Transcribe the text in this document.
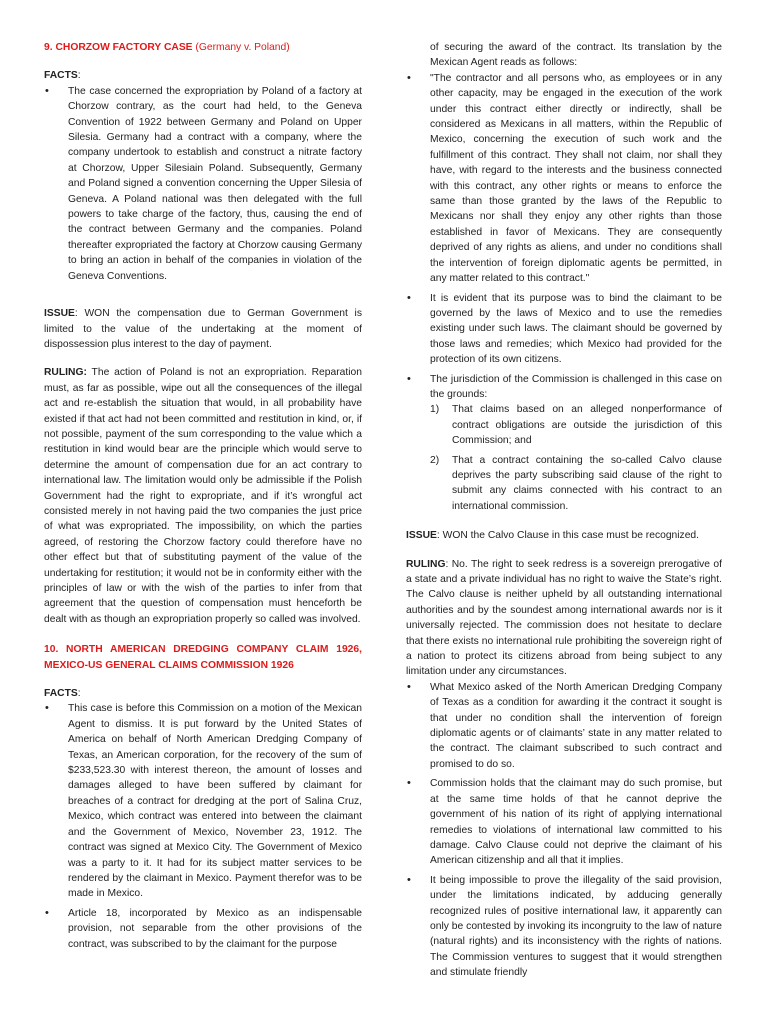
9. CHORZOW FACTORY CASE (Germany v. Poland)

FACTS:

• The case concerned the expropriation by Poland of a factory at Chorzow contrary, as the court had held, to the Geneva Convention of 1922 between Germany and Poland on Upper Silesia. Germany had a contract with a company, where the company undertook to establish and construct a nitrate factory at Chorzow, Upper Silesiain Poland. Subsequently, Germany and Poland signed a convention concerning the Upper Silesia of Geneva. A Poland national was then delegated with the full powers to take charge of the factory, thus, causing the end of the contract between Germany and the companies. Poland thereafter expropriated the factory at Chorzow causing Germany to bring an action in behalf of the companies in violation of the Geneva Conventions.

ISSUE: WON the compensation due to German Government is limited to the value of the undertaking at the moment of dispossession plus interest to the day of payment.

RULING: The action of Poland is not an expropriation. Reparation must, as far as possible, wipe out all the consequences of the illegal act and re-establish the situation that would, in all probability have existed if that act had not been committed and restitution in kind, or, if not possible, payment of the sum corresponding to the value which a restitution in kind would bear are the principle which would serve to determine the amount of compensation due for an act contrary to international law. The limitation would only be admissible if the Polish Government had the right to expropriate, and if it’s wrongful act consisted merely in not having paid the two companies the just price of what was expropriated. The impossibility, on which the parties agreed, of restoring the Chorzow factory could therefore have no other effect but that of substituting payment of the value of the undertaking for restitution; it would not be in conformity either with the principles of law or with the wish of the parties to infer from that agreement that the question of compensation must henceforth be dealt with as though an expropriation properly so called was involved.

10. NORTH AMERICAN DREDGING COMPANY CLAIM 1926, MEXICO-US GENERAL CLAIMS COMMISSION 1926

FACTS:

• This case is before this Commission on a motion of the Mexican Agent to dismiss. It is put forward by the United States of America on behalf of North American Dredging Company of Texas, an American corporation, for the recovery of the sum of $233,523.30 with interest thereon, the amount of losses and damages alleged to have been suffered by claimant for breaches of a contract for dredging at the port of Salina Cruz, Mexico, which contract was entered into between the claimant and the Government of Mexico, November 23, 1912. The contract was signed at Mexico City. The Government of Mexico was a party to it. It had for its subject matter services to be rendered by the claimant in Mexico. Payment therefor was to be made in Mexico.
• Article 18, incorporated by Mexico as an indispensable provision, not separable from the other provisions of the contract, was subscribed to by the claimant for the purpose

of securing the award of the contract. Its translation by the Mexican Agent reads as follows:

• "The contractor and all persons who, as employees or in any other capacity, may be engaged in the execution of the work under this contract either directly or indirectly, shall be considered as Mexicans in all matters, within the Republic of Mexico, concerning the execution of such work and the fulfillment of this contract. They shall not claim, nor shall they have, with regard to the interests and the business connected with this contract, any other rights or means to enforce the same than those granted by the laws of the Republic to Mexicans nor shall they enjoy any other rights than those established in favor of Mexicans. They are consequently deprived of any rights as aliens, and under no conditions shall the intervention of foreign diplomatic agents be permitted, in any matter related to this contract."
• It is evident that its purpose was to bind the claimant to be governed by the laws of Mexico and to use the remedies existing under such laws. The claimant should be governed by those laws and remedies; which Mexico had provided for the protection of its own citizens.
• The jurisdiction of the Commission is challenged in this case on the grounds:
1) That claims based on an alleged nonperformance of contract obligations are outside the jurisdiction of this Commission; and
2) That a contract containing the so-called Calvo clause deprives the party subscribing said clause of the right to submit any claims connected with his contract to an international commission.

ISSUE: WON the Calvo Clause in this case must be recognized.

RULING: No. The right to seek redress is a sovereign prerogative of a state and a private individual has no right to waive the State’s right. The Calvo clause is neither upheld by all outstanding international authorities and by the soundest among international awards nor is it universally rejected. The commission does not hesitate to declare that there exists no international rule prohibiting the sovereign right of a nation to protect its citizens abroad from being subject to any limitation under any circumstances.

• What Mexico asked of the North American Dredging Company of Texas as a condition for awarding it the contract it sought is that under no condition shall the intervention of foreign diplomatic agents or of claimants’ state in any matter related to the contract. The claimant subscribed to such contract and promised to do so.
• Commission holds that the claimant may do such promise, but at the same time holds of that he cannot deprive the government of his nation of its right of applying international remedies to violations of international law committed to his damage. Calvo Clause could not deprive the claimant of his American citizenship and all that it implies.
• It being impossible to prove the illegality of the said provision, under the limitations indicated, by adducing generally recognized rules of positive international law, it apparently can only be contested by invoking its incongruity to the law of nature (natural rights) and its inconsistency with the rights of nations. The Commission ventures to suggest that it would strengthen and stimulate friendly
